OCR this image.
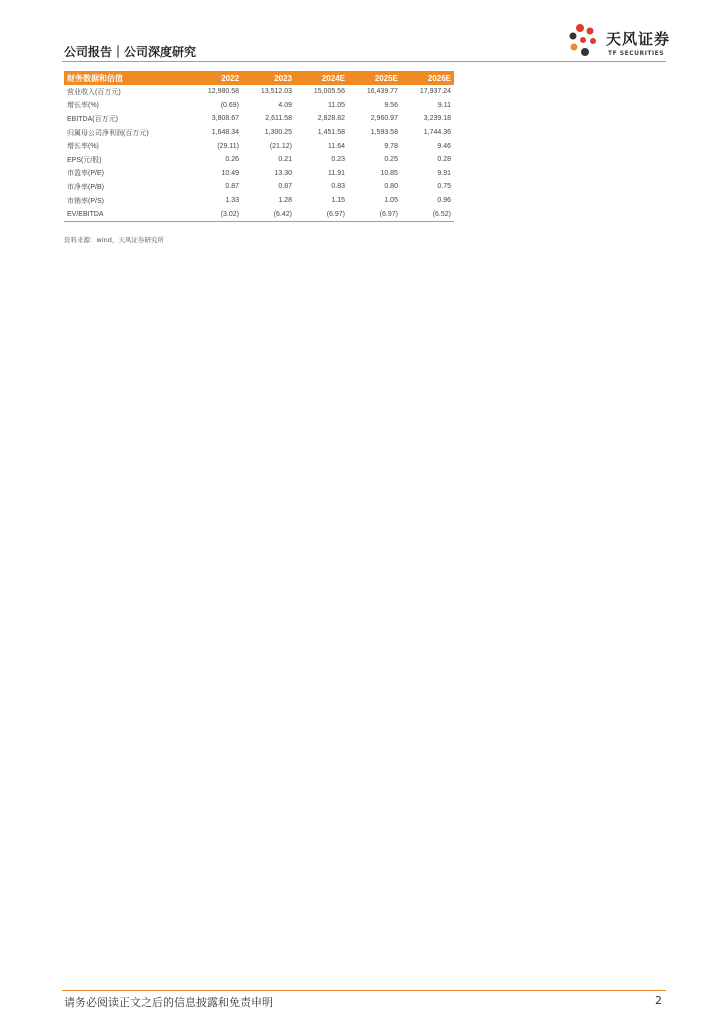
公司报告｜公司深度研究
天风证券
TF SECURITIES
财务数据和估值	2022	2023	2024E	2025E	2026E
营业收入(百万元)	12,980.58	13,512.03	15,005.56	16,439.77	17,937.24
增长率(%)	(0.69)	4.09	11.05	9.56	9.11
EBITDA(百万元)	3,808.67	2,611.58	2,828.82	2,960.97	3,239.18
归属母公司净利润(百万元)	1,648.34	1,300.25	1,451.58	1,593.58	1,744.36
增长率(%)	(29.11)	(21.12)	11.64	9.78	9.46
EPS(元/股)	0.26	0.21	0.23	0.25	0.28
市盈率(P/E)	10.49	13.30	11.91	10.85	9.91
市净率(P/B)	0.87	0.87	0.83	0.80	0.75
市销率(P/S)	1.33	1.28	1.15	1.05	0.96
EV/EBITDA	(3.02)	(6.42)	(6.97)	(6.97)	(6.52)
资料来源：wind，天风证券研究所
请务必阅读正文之后的信息披露和免责申明	2
